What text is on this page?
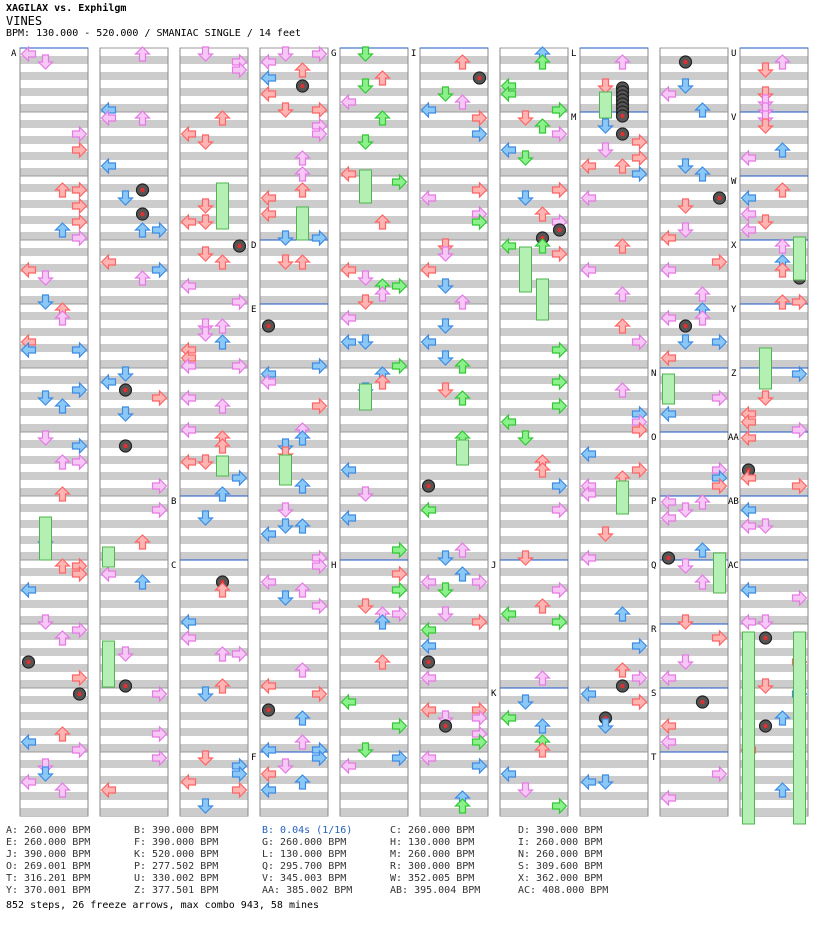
XAGILAX vs. Exphilgm
VINES
BPM: 130.000 - 520.000 / SMANIAC SINGLE / 14 feet
A
B
C
D
E
F
G
H
I
J
K
L
M
N
O
P
Q
R
S
T
U
V
W
X
Y
Z
AA
AB
AC
A: 260.000 BPM	B: 390.000 BPM	B: 0.04s (1/16)	C: 260.000 BPM	D: 390.000 BPM
E: 260.000 BPM	F: 390.000 BPM	G: 260.000 BPM	H: 130.000 BPM	I: 260.000 BPM
J: 390.000 BPM	K: 520.000 BPM	L: 130.000 BPM	M: 260.000 BPM	N: 260.000 BPM
O: 269.001 BPM	P: 277.502 BPM	Q: 295.700 BPM	R: 300.000 BPM	S: 309.600 BPM
T: 316.201 BPM	U: 330.002 BPM	V: 345.003 BPM	W: 352.005 BPM	X: 362.000 BPM
Y: 370.001 BPM	Z: 377.501 BPM	AA: 385.002 BPM	AB: 395.004 BPM	AC: 408.000 BPM
852 steps, 26 freeze arrows, max combo 943, 58 mines
